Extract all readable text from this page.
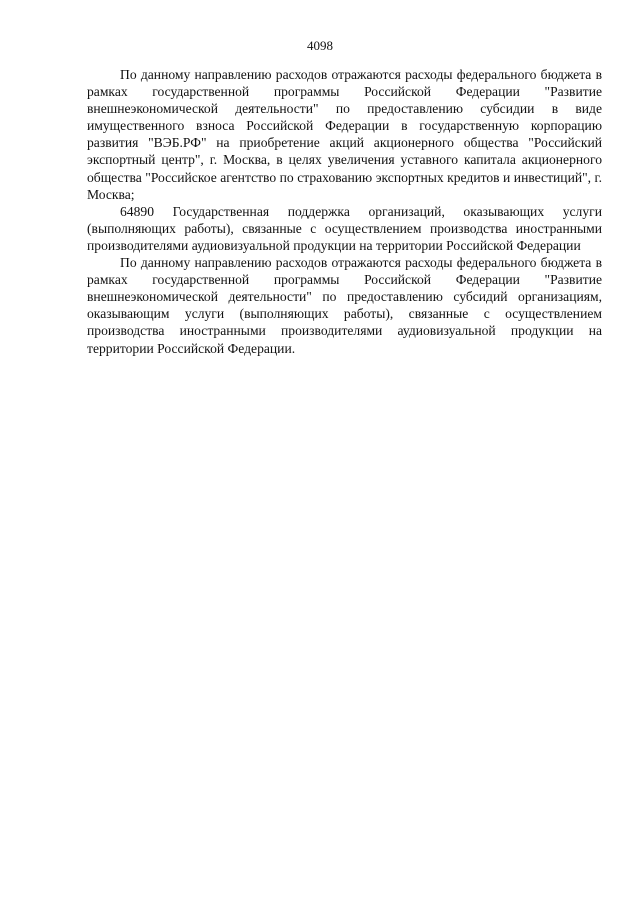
4098

По данному направлению расходов отражаются расходы федерального бюджета в рамках государственной программы Российской Федерации "Развитие внешнеэкономической деятельности" по предоставлению субсидии в виде имущественного взноса Российской Федерации в государственную корпорацию развития "ВЭБ.РФ" на приобретение акций акционерного общества "Российский экспортный центр", г. Москва, в целях увеличения уставного капитала акционерного общества "Российское агентство по страхованию экспортных кредитов и инвестиций", г. Москва;

64890 Государственная поддержка организаций, оказывающих услуги (выполняющих работы), связанные с осуществлением производства иностранными производителями аудиовизуальной продукции на территории Российской Федерации

По данному направлению расходов отражаются расходы федерального бюджета в рамках государственной программы Российской Федерации "Развитие внешнеэкономической деятельности" по предоставлению субсидий организациям, оказывающим услуги (выполняющих работы), связанные с осуществлением производства иностранными производителями аудиовизуальной продукции на территории Российской Федерации.
